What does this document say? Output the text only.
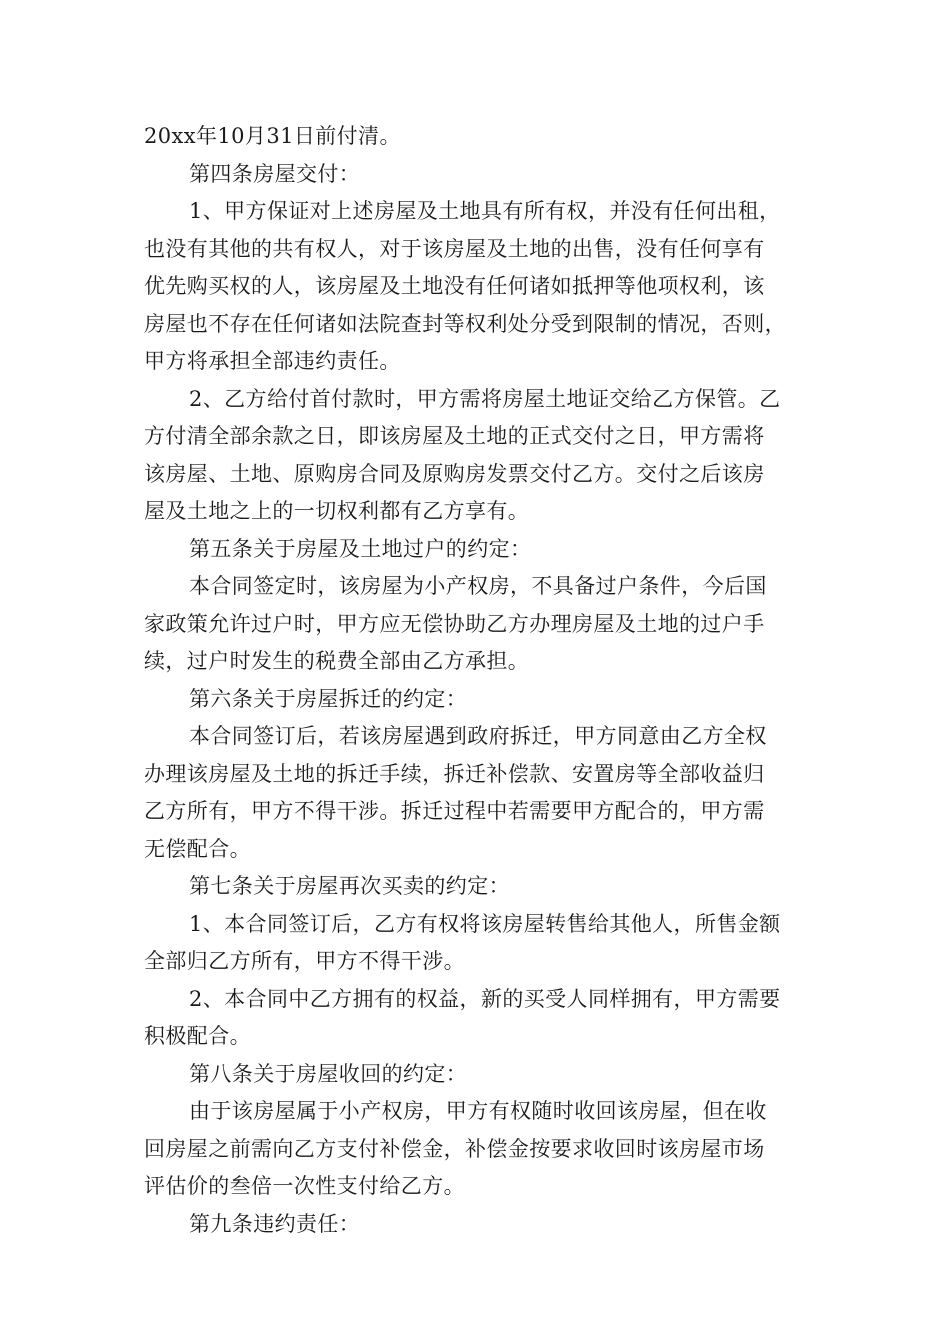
20xx年10月31日前付清。
第四条房屋交付：
1、甲方保证对上述房屋及土地具有所有权，并没有任何出租，
也没有其他的共有权人，对于该房屋及土地的出售，没有任何享有
优先购买权的人，该房屋及土地没有任何诸如抵押等他项权利，该
房屋也不存在任何诸如法院查封等权利处分受到限制的情况，否则，
甲方将承担全部违约责任。
2、乙方给付首付款时，甲方需将房屋土地证交给乙方保管。乙
方付清全部余款之日，即该房屋及土地的正式交付之日，甲方需将
该房屋、土地、原购房合同及原购房发票交付乙方。交付之后该房
屋及土地之上的一切权利都有乙方享有。
第五条关于房屋及土地过户的约定：
本合同签定时，该房屋为小产权房，不具备过户条件，今后国
家政策允许过户时，甲方应无偿协助乙方办理房屋及土地的过户手
续，过户时发生的税费全部由乙方承担。
第六条关于房屋拆迁的约定：
本合同签订后，若该房屋遇到政府拆迁，甲方同意由乙方全权
办理该房屋及土地的拆迁手续，拆迁补偿款、安置房等全部收益归
乙方所有，甲方不得干涉。拆迁过程中若需要甲方配合的，甲方需
无偿配合。
第七条关于房屋再次买卖的约定：
1、本合同签订后，乙方有权将该房屋转售给其他人，所售金额
全部归乙方所有，甲方不得干涉。
2、本合同中乙方拥有的权益，新的买受人同样拥有，甲方需要
积极配合。
第八条关于房屋收回的约定：
由于该房屋属于小产权房，甲方有权随时收回该房屋，但在收
回房屋之前需向乙方支付补偿金，补偿金按要求收回时该房屋市场
评估价的叁倍一次性支付给乙方。
第九条违约责任：
